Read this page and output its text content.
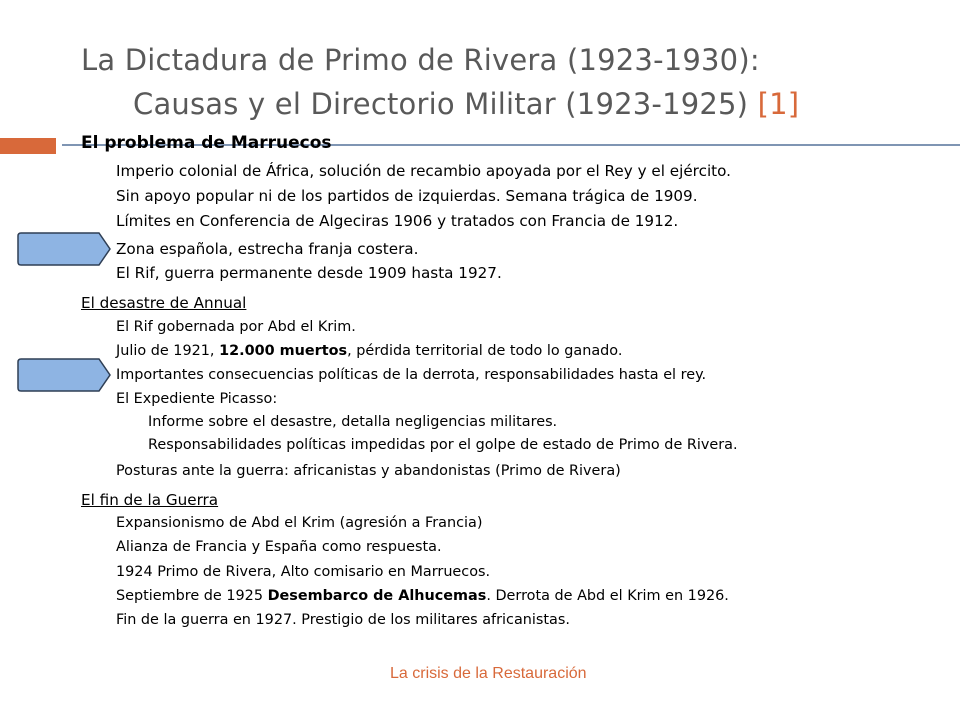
La Dictadura de Primo de Rivera (1923-1930):
Causas y el Directorio Militar (1923-1925) [1]
El problema de Marruecos
Imperio colonial de África, solución de recambio apoyada por el Rey y el ejército.
Sin apoyo popular ni de los partidos de izquierdas. Semana trágica de 1909.
Límites en Conferencia de Algeciras 1906 y tratados con Francia de 1912.
Zona española, estrecha franja costera.
El Rif, guerra permanente desde 1909 hasta 1927.
El desastre de Annual
El Rif gobernada por Abd el Krim.
Julio de 1921, 12.000 muertos, pérdida territorial de todo lo ganado.
Importantes consecuencias políticas de la derrota, responsabilidades hasta el rey.
El Expediente Picasso:
Informe sobre el desastre, detalla negligencias militares.
Responsabilidades políticas impedidas por el golpe de estado de Primo de Rivera.
Posturas ante la guerra: africanistas y abandonistas (Primo de Rivera)
El fin de la Guerra
Expansionismo de Abd el Krim (agresión a Francia)
Alianza de Francia y España como respuesta.
1924 Primo de Rivera, Alto comisario en Marruecos.
Septiembre de 1925 Desembarco de Alhucemas. Derrota de Abd el Krim en 1926.
Fin de la guerra en 1927. Prestigio de los militares africanistas.
La crisis de la Restauración
